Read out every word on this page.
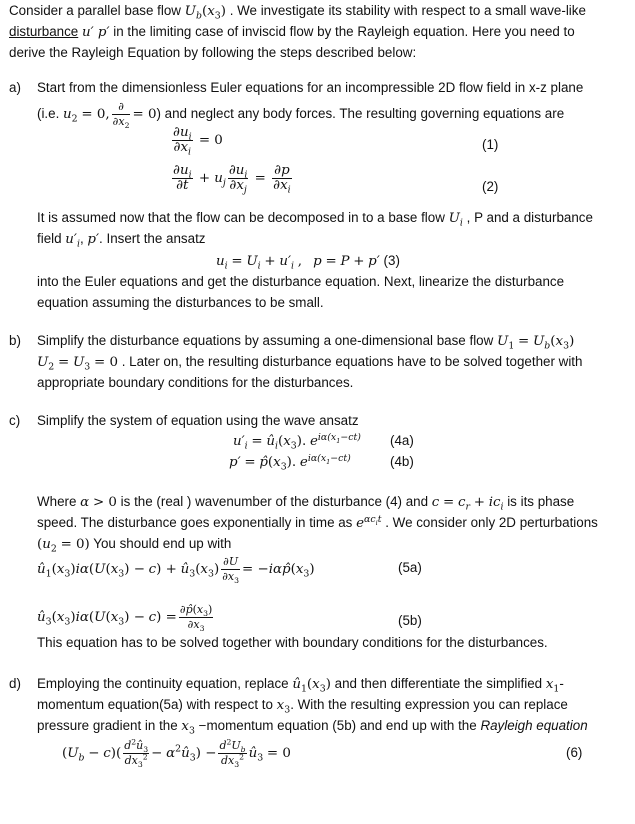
Consider a parallel base flow $U_b(x_3)$ . We investigate its stability with respect to a small wave-like
disturbance u′ p′ in the limiting case of inviscid flow by the Rayleigh equation. Here you need to
derive the Rayleigh Equation by following the steps described below:
a) Start from the dimensionless Euler equations for an incompressible 2D flow field in x-z plane
(i.e. $u_2 = 0$, $\frac{\partial}{\partial x_2} = 0$) and neglect any body forces. The resulting governing equations are
$\frac{\partial u_i}{\partial x_i} = 0$	(1)
$\frac{\partial u_i}{\partial t} + u_j \frac{\partial u_i}{\partial x_j} = \frac{\partial p}{\partial x_i}$	(2)
It is assumed now that the flow can be decomposed in to a base flow $U_i$ , P and a disturbance
field $u'_i$, p′. Insert the ansatz
$u_i = U_i + u'_i$ , p = P + p′ (3)
into the Euler equations and get the disturbance equation. Next, linearize the disturbance
equation assuming the disturbances to be small.
b) Simplify the disturbance equations by assuming a one-dimensional base flow $U_1 = U_b(x_3)$
$U_2 = U_3 = 0$ . Later on, the resulting disturbance equations have to be solved together with
appropriate boundary conditions for the disturbances.
c) Simplify the system of equation using the wave ansatz
$u'_i$ = $û_i(x_3)$. $e^{i\alpha(x_1-ct)}$ (4a)
$p' = p̂(x_3)$. $e^{i\alpha(x_1-ct)}$	(4b)
Where α > 0 is the (real ) wavenumber of the disturbance (4) and $c = c_r + ic_i$ is its phase
speed. The disturbance goes exponentially in time as $e^{\alpha c_it}$ . We consider only 2D perturbations
$(u_2 = 0)$ You should end up with
$û_1(x_3)i\alpha(U(x_3) - c)$ + $û_3(x_3) \frac{\partial U}{\partial x_3}$ = $-i\alpha p̂(x_3)$	(5a)
$û_3(x_3)i\alpha(U(x_3) - c) = \frac{\partial p̂(x_3)}{\partial x_3}$	(5b)
This equation has to be solved together with boundary conditions for the disturbances.
d) Employing the continuity equation, replace $û_1(x_3)$ and then differentiate the simplified $x_1-$
momentum equation(5a) with respect to $x_3$. With the resulting expression you can replace
pressure gradient in the $x_3$ −momentum equation (5b) and end up with the Rayleigh equation
$(U_b - c)( \frac{d^2û_3}{dx_3^2}$ − $\alpha^2û_3) - \frac{d^2U_b}{dx_3^2}$ $û_3 = 0$	(6)
